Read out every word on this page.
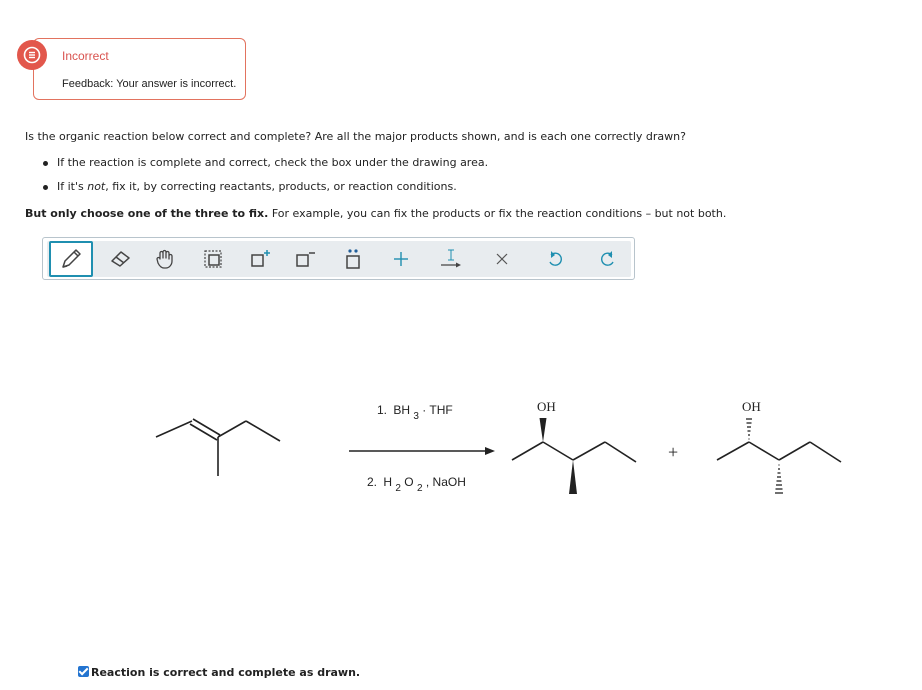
Incorrect
Feedback: Your answer is incorrect.
Is the organic reaction below correct and complete? Are all the major products shown, and is each one correctly drawn?
If the reaction is complete and correct, check the box under the drawing area.
If it's not, fix it, by correcting reactants, products, or reaction conditions.
But only choose one of the three to fix. For example, you can fix the products or fix the reaction conditions – but not both.
1. BH $_3$ · THF
2. H $_2$ O $_2$ , NaOH
OH
+
OH
Reaction is correct and complete as drawn.
